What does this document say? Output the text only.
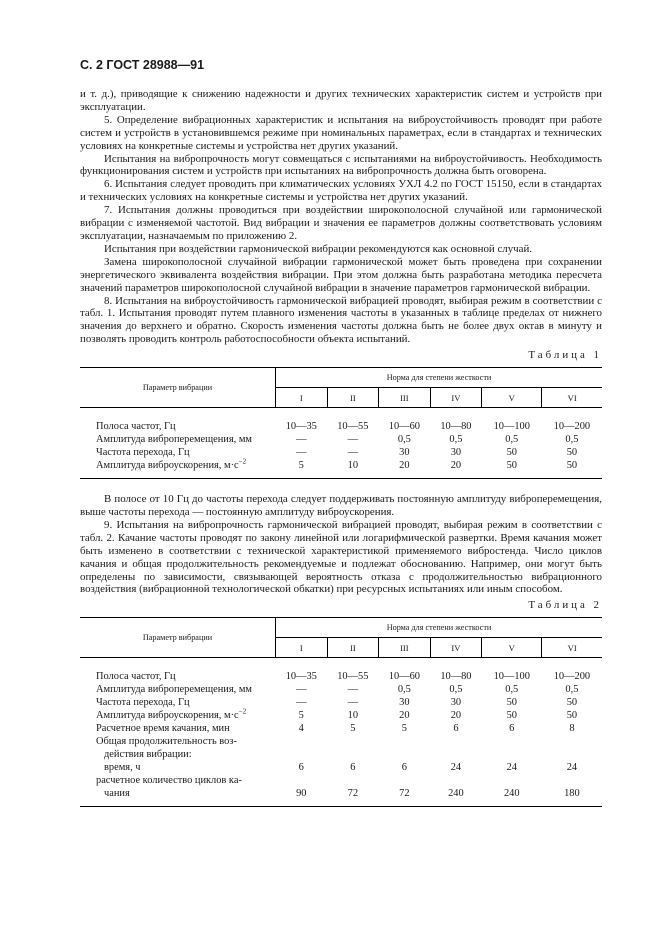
С. 2 ГОСТ 28988—91

и т. д.), приводящие к снижению надежности и других технических характеристик систем и устройств при эксплуатации.

5. Определение вибрационных характеристик и испытания на виброустойчивость проводят при работе систем и устройств в установившемся режиме при номинальных параметрах, если в стандартах и технических условиях на конкретные системы и устройства нет других указаний.

Испытания на вибропрочность могут совмещаться с испытаниями на виброустойчивость. Необходимость функционирования систем и устройств при испытаниях на вибропрочность должна быть оговорена.

6. Испытания следует проводить при климатических условиях УХЛ 4.2 по ГОСТ 15150, если в стандартах и технических условиях на конкретные системы и устройства нет других указаний.

7. Испытания должны проводиться при воздействии широкополосной случайной или гармонической вибрации с изменяемой частотой. Вид вибрации и значения ее параметров должны соответствовать условиям эксплуатации, назначаемым по приложению 2.

Испытания при воздействии гармонической вибрации рекомендуются как основной случай.

Замена широкополосной случайной вибрации гармонической может быть проведена при сохранении энергетического эквивалента воздействия вибрации. При этом должна быть разработана методика пересчета значений параметров широкополосной случайной вибрации в значение параметров гармонической вибрации.

8. Испытания на виброустойчивость гармонической вибрацией проводят, выбирая режим в соответствии с табл. 1. Испытания проводят путем плавного изменения частоты в указанных в таблице пределах от нижнего значения до верхнего и обратно. Скорость изменения частоты должна быть не более двух октав в минуту и позволять проводить контроль работоспособности объекта испытаний.

Таблица 1
Параметр вибрации	Норма для степени жесткости					
	I	II	III	IV	V	VI
Полоса частот, Гц	10—35	10—55	10—60	10—80	10—100	10—200
Амплитуда виброперемещения, мм	—	—	0,5	0,5	0,5	0,5
Частота перехода, Гц	—	—	30	30	50	50
Амплитуда виброускорения, $м\cdot с^{-2}$	5	10	20	20	50	50

В полосе от 10 Гц до частоты перехода следует поддерживать постоянную амплитуду виброперемещения, выше частоты перехода — постоянную амплитуду виброускорения.

9. Испытания на вибропрочность гармонической вибрацией проводят, выбирая режим в соответствии с табл. 2. Качание частоты проводят по закону линейной или логарифмической развертки. Время качания может быть изменено в соответствии с технической характеристикой применяемого вибростенда. Число циклов качания и общая продолжительность рекомендуемые и подлежат обоснованию. Например, они могут быть определены по зависимости, связывающей вероятность отказа с продолжительностью вибрационного воздействия (вибрационной технологической обкатки) при ресурсных испытаниях или иным способом.

Таблица 2
Параметр вибрации	Норма для степени жесткости					
	I	II	III	IV	V	VI
Полоса частот, Гц	10—35	10—55	10—60	10—80	10—100	10—200
Амплитуда виброперемещения, мм	—	—	0,5	0,5	0,5	0,5
Частота перехода, Гц	—	—	30	30	50	50
Амплитуда виброускорения, $м\cdot с^{-2}$	5	10	20	20	50	50
Расчетное время качания, мин	4	5	5	6	6	8
Общая продолжительность воз-						
действия вибрации:						
время, ч	6	6	6	24	24	24
расчетное количество циклов ка-						
чания	90	72	72	240	240	180
